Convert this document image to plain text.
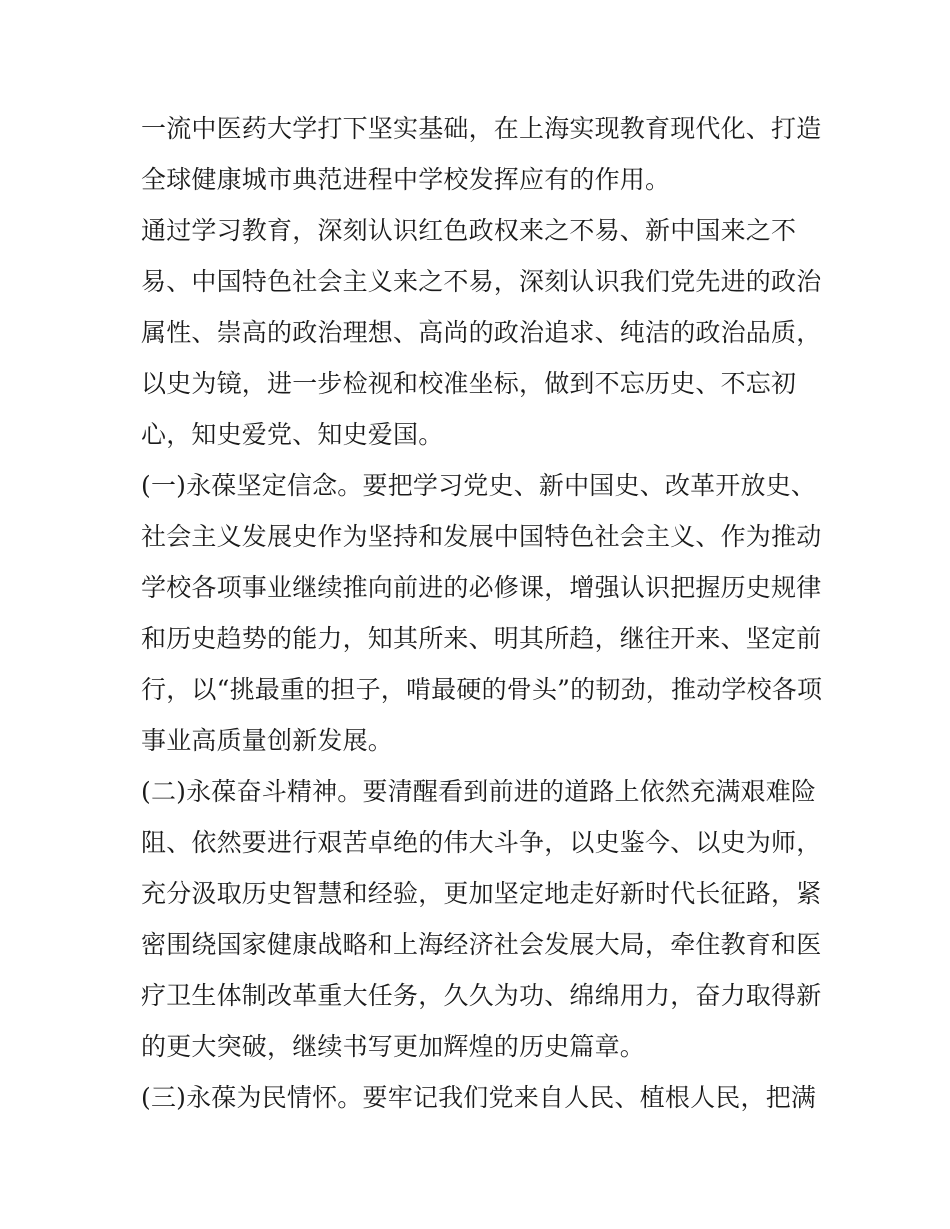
一流中医药大学打下坚实基础，在上海实现教育现代化、打造
全球健康城市典范进程中学校发挥应有的作用。
通过学习教育，深刻认识红色政权来之不易、新中国来之不
易、中国特色社会主义来之不易，深刻认识我们党先进的政治
属性、崇高的政治理想、高尚的政治追求、纯洁的政治品质，
以史为镜，进一步检视和校准坐标，做到不忘历史、不忘初
心，知史爱党、知史爱国。
(一)永葆坚定信念。要把学习党史、新中国史、改革开放史、
社会主义发展史作为坚持和发展中国特色社会主义、作为推动
学校各项事业继续推向前进的必修课，增强认识把握历史规律
和历史趋势的能力，知其所来、明其所趋，继往开来、坚定前
行，以“挑最重的担子，啃最硬的骨头”的韧劲，推动学校各项
事业高质量创新发展。
(二)永葆奋斗精神。要清醒看到前进的道路上依然充满艰难险
阻、依然要进行艰苦卓绝的伟大斗争，以史鉴今、以史为师，
充分汲取历史智慧和经验，更加坚定地走好新时代长征路，紧
密围绕国家健康战略和上海经济社会发展大局，牵住教育和医
疗卫生体制改革重大任务，久久为功、绵绵用力，奋力取得新
的更大突破，继续书写更加辉煌的历史篇章。
(三)永葆为民情怀。要牢记我们党来自人民、植根人民，把满
